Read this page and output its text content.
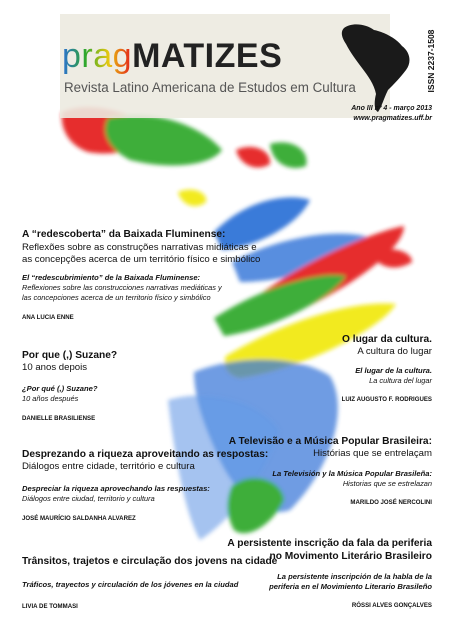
pragMATIZES
Revista Latino Americana de Estudos em Cultura	ISSN 2237-1508
Ano III nº 4 - março 2013
www.pragmatizes.uff.br
A “redescoberta” da Baixada Fluminense:
Reflexões sobre as construções narrativas midiáticas e
as concepções acerca de um território físico e simbólico
El “redescubrimiento” de la Baixada Fluminense:
Reflexiones sobre las construcciones narrativas mediáticas y
las concepciones acerca de un territorio físico y simbólico
ANA LUCIA ENNE
Por que (,) Suzane?
10 anos depois
¿Por qué (,) Suzane?
10 años después
DANIELLE BRASILIENSE
Desprezando a riqueza aproveitando as respostas:
Diálogos entre cidade, território e cultura
Despreciar la riqueza aprovechando las respuestas:
Diálogos entre ciudad, territorio y cultura
JOSÉ MAURÍCIO SALDANHA ALVAREZ
Trânsitos, trajetos e circulação dos jovens na cidade
Tráficos, trayectos y circulación de los jóvenes en la ciudad
LIVIA DE TOMMASI
O lugar da cultura.
A cultura do lugar
El lugar de la cultura.
La cultura del lugar
LUIZ AUGUSTO F. RODRIGUES
A Televisão e a Música Popular Brasileira:
Histórias que se entrelaçam
La Televisión y la Música Popular Brasileña:
Historias que se estrelazan
MARILDO JOSÉ NERCOLINI
A persistente inscrição da fala da periferia
no Movimento Literário Brasileiro
La persistente inscripción de la habla de la
periferia en el Movimiento Literario Brasileño
RÓSSI ALVES GONÇALVES
